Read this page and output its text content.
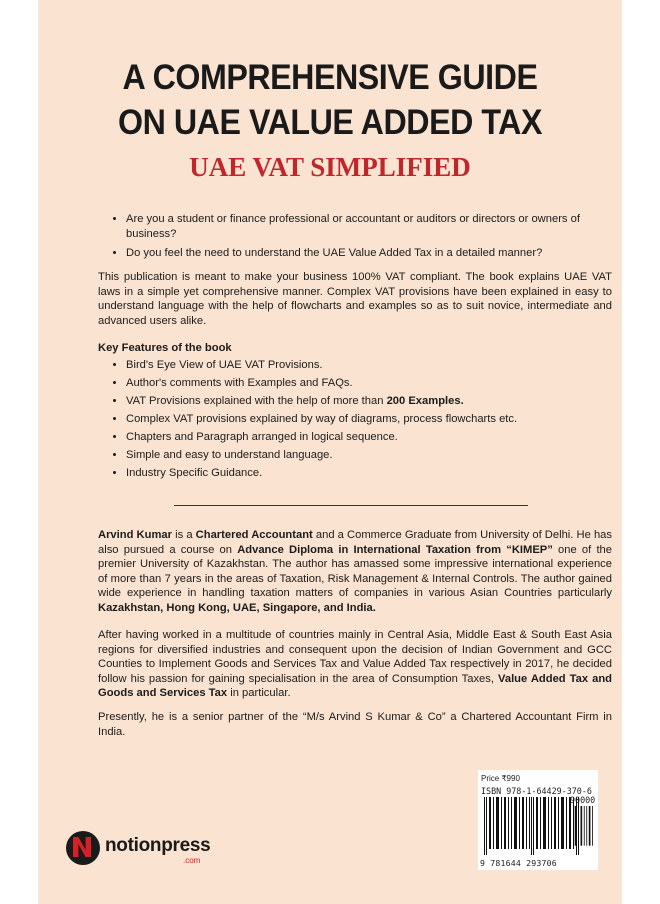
A COMPREHENSIVE GUIDE
ON UAE VALUE ADDED TAX
UAE VAT SIMPLIFIED
• Are you a student or finance professional or accountant or auditors or directors or owners of business?
• Do you feel the need to understand the UAE Value Added Tax in a detailed manner?
This publication is meant to make your business 100% VAT compliant. The book explains UAE VAT laws in a simple yet comprehensive manner. Complex VAT provisions have been explained in easy to understand language with the help of flowcharts and examples so as to suit novice, intermediate and advanced users alike.
Key Features of the book
• Bird's Eye View of UAE VAT Provisions.
• Author's comments with Examples and FAQs.
• VAT Provisions explained with the help of more than 200 Examples.
• Complex VAT provisions explained by way of diagrams, process flowcharts etc.
• Chapters and Paragraph arranged in logical sequence.
• Simple and easy to understand language.
• Industry Specific Guidance.
Arvind Kumar is a Chartered Accountant and a Commerce Graduate from University of Delhi. He has also pursued a course on Advance Diploma in International Taxation from “KIMEP” one of the premier University of Kazakhstan. The author has amassed some impressive international experience of more than 7 years in the areas of Taxation, Risk Management & Internal Controls. The author gained wide experience in handling taxation matters of companies in various Asian Countries particularly Kazakhstan, Hong Kong, UAE, Singapore, and India.
After having worked in a multitude of countries mainly in Central Asia, Middle East & South East Asia regions for diversified industries and consequent upon the decision of Indian Government and GCC Counties to Implement Goods and Services Tax and Value Added Tax respectively in 2017, he decided follow his passion for gaining specialisation in the area of Consumption Taxes, Value Added Tax and Goods and Services Tax in particular.
Presently, he is a senior partner of the “M/s Arvind S Kumar & Co” a Chartered Accountant Firm in India.
notionpress
.com
Price ₹990
ISBN 978-1-64429-370-6
90000
9 781644 293706
